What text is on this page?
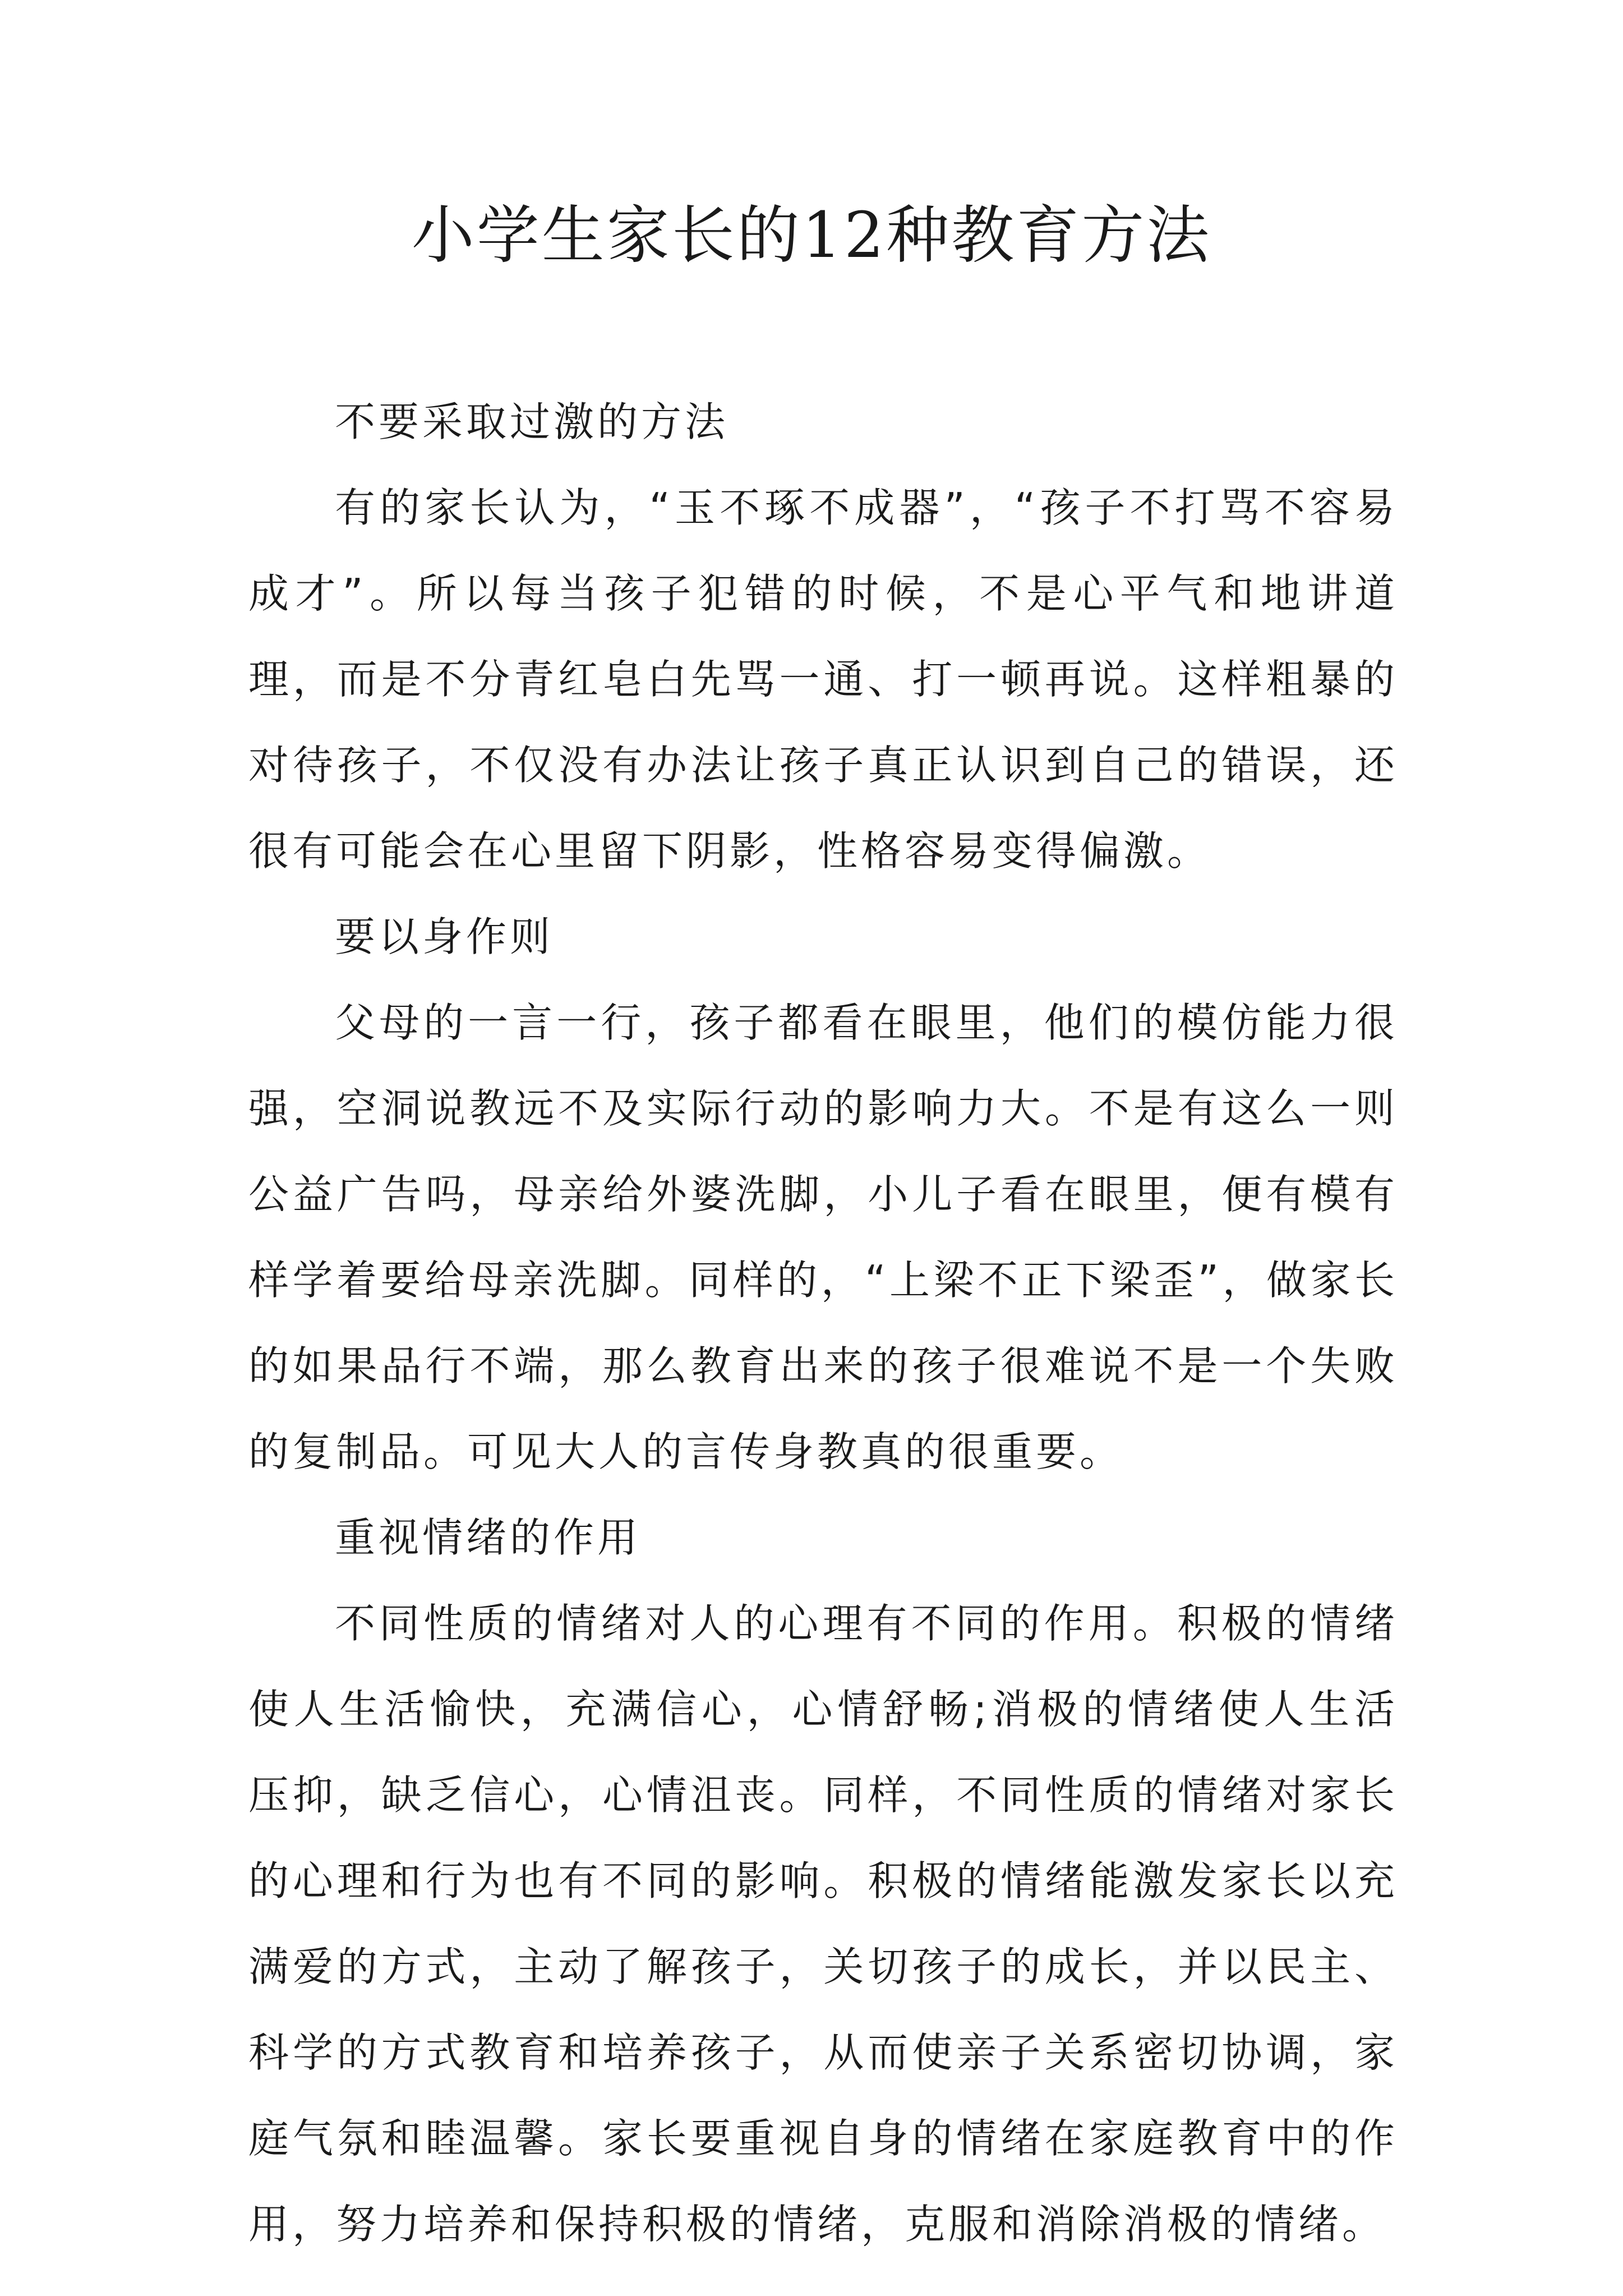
小学生家长的12种教育方法

不要采取过激的方法

有的家长认为，“玉不琢不成器”，“孩子不打骂不容易成才”。所以每当孩子犯错的时候，不是心平气和地讲道理，而是不分青红皂白先骂一通、打一顿再说。这样粗暴的对待孩子，不仅没有办法让孩子真正认识到自己的错误，还很有可能会在心里留下阴影，性格容易变得偏激。

要以身作则

父母的一言一行，孩子都看在眼里，他们的模仿能力很强，空洞说教远不及实际行动的影响力大。不是有这么一则公益广告吗，母亲给外婆洗脚，小儿子看在眼里，便有模有样学着要给母亲洗脚。同样的，“上梁不正下梁歪”，做家长的如果品行不端，那么教育出来的孩子很难说不是一个失败的复制品。可见大人的言传身教真的很重要。

重视情绪的作用

不同性质的情绪对人的心理有不同的作用。积极的情绪使人生活愉快，充满信心，心情舒畅;消极的情绪使人生活压抑，缺乏信心，心情沮丧。同样，不同性质的情绪对家长的心理和行为也有不同的影响。积极的情绪能激发家长以充满爱的方式，主动了解孩子，关切孩子的成长，并以民主、科学的方式教育和培养孩子，从而使亲子关系密切协调，家庭气氛和睦温馨。家长要重视自身的情绪在家庭教育中的作用，努力培养和保持积极的情绪，克服和消除消极的情绪。
